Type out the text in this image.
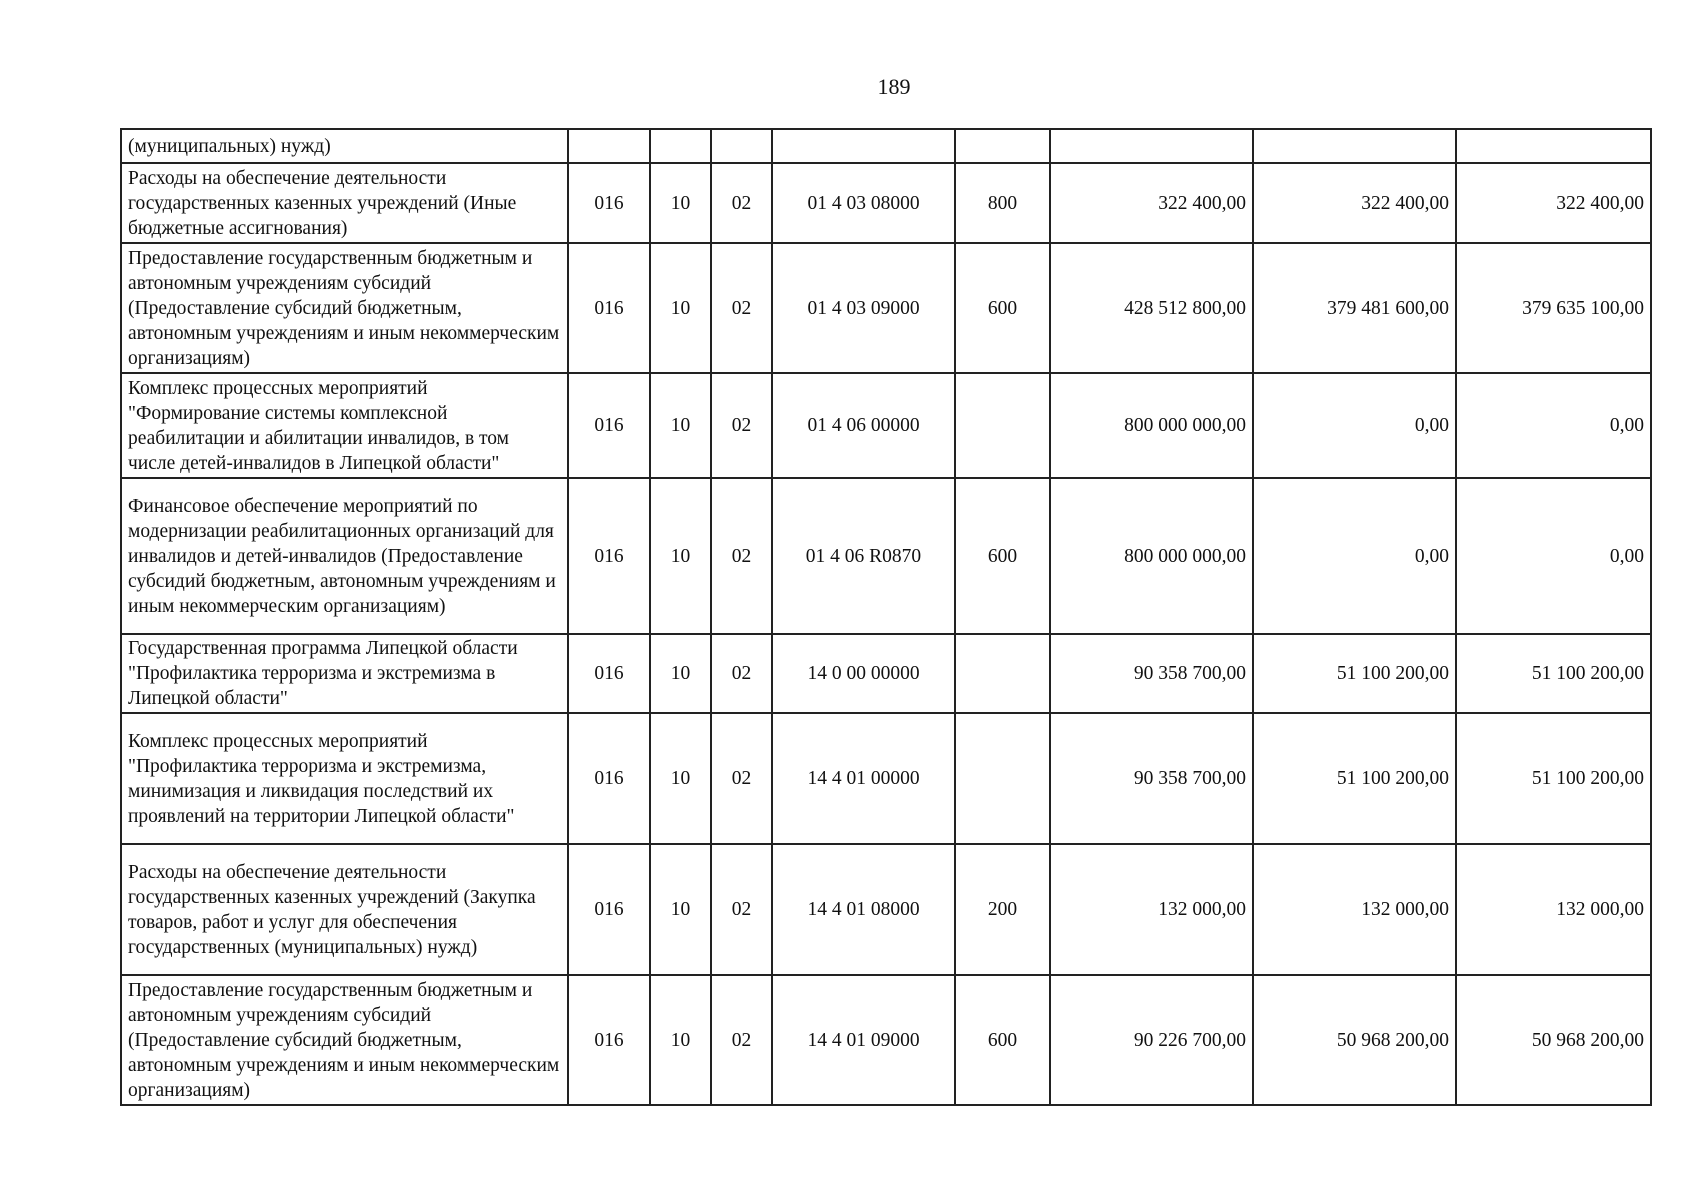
189
(муниципальных) нужд)								
Расходы на обеспечение деятельности государственных казенных учреждений (Иные бюджетные ассигнования)	016	10	02	01 4 03 08000	800	322 400,00	322 400,00	322 400,00
Предоставление государственным бюджетным и автономным учреждениям субсидий (Предоставление субсидий бюджетным, автономным учреждениям и иным некоммерческим организациям)	016	10	02	01 4 03 09000	600	428 512 800,00	379 481 600,00	379 635 100,00
Комплекс процессных мероприятий "Формирование системы комплексной реабилитации и абилитации инвалидов, в том числе детей-инвалидов в Липецкой области"	016	10	02	01 4 06 00000		800 000 000,00	0,00	0,00
Финансовое обеспечение мероприятий по модернизации реабилитационных организаций для инвалидов и детей-инвалидов (Предоставление субсидий бюджетным, автономным учреждениям и иным некоммерческим организациям)	016	10	02	01 4 06 R0870	600	800 000 000,00	0,00	0,00
Государственная программа Липецкой области "Профилактика терроризма и экстремизма в Липецкой области"	016	10	02	14 0 00 00000		90 358 700,00	51 100 200,00	51 100 200,00
Комплекс процессных мероприятий "Профилактика терроризма и экстремизма, минимизация и ликвидация последствий их проявлений на территории Липецкой области"	016	10	02	14 4 01 00000		90 358 700,00	51 100 200,00	51 100 200,00
Расходы на обеспечение деятельности государственных казенных учреждений (Закупка товаров, работ и услуг для обеспечения государственных (муниципальных) нужд)	016	10	02	14 4 01 08000	200	132 000,00	132 000,00	132 000,00
Предоставление государственным бюджетным и автономным учреждениям субсидий (Предоставление субсидий бюджетным, автономным учреждениям и иным некоммерческим организациям)	016	10	02	14 4 01 09000	600	90 226 700,00	50 968 200,00	50 968 200,00
